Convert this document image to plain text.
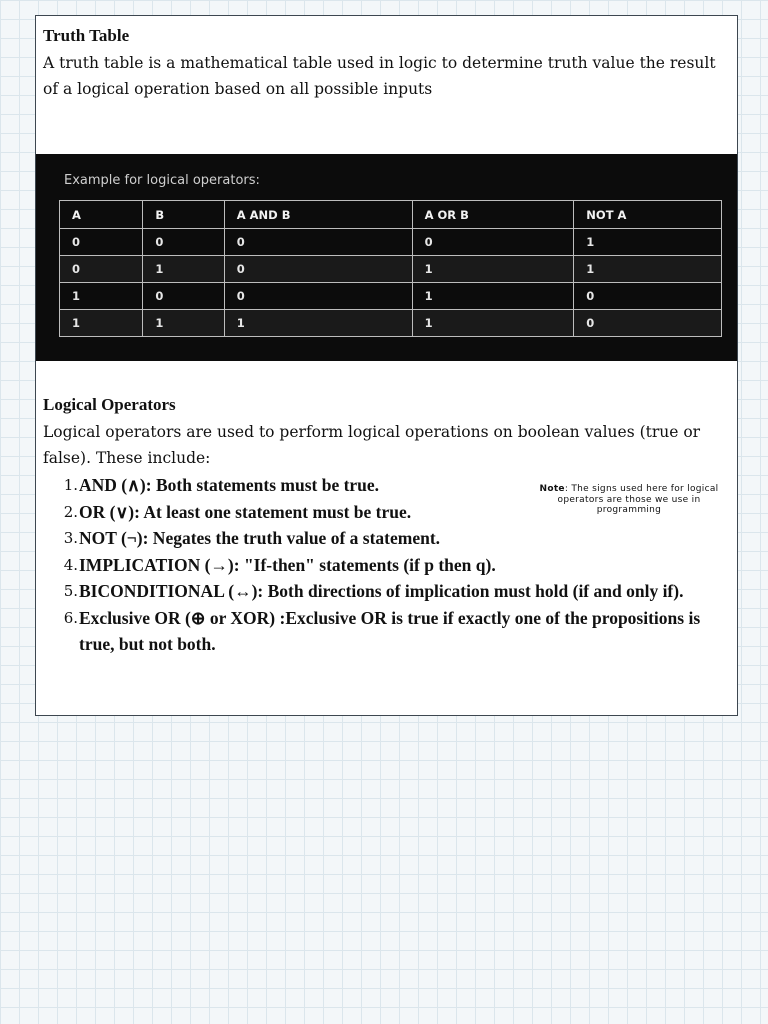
Truth Table

A truth table is a mathematical table used in logic to determine truth value the result of a logical operation based on all possible inputs

Example for logical operators:
A	B	A AND B	A OR B	NOT A
0	0	0	0	1
0	1	0	1	1
1	0	0	1	0
1	1	1	1	0
Logical Operators

Logical operators are used to perform logical operations on boolean values (true or false). These include:

Note: The signs used here for logical operators are those we use in programming

1. AND (∧): Both statements must be true.
2. OR (∨): At least one statement must be true.
3. NOT (¬): Negates the truth value of a statement.
4. IMPLICATION (→): "If-then" statements (if p then q).
5. BICONDITIONAL (↔): Both directions of implication must hold (if and only if).
6. Exclusive OR (⊕ or XOR) :Exclusive OR is true if exactly one of the propositions is true, but not both.
